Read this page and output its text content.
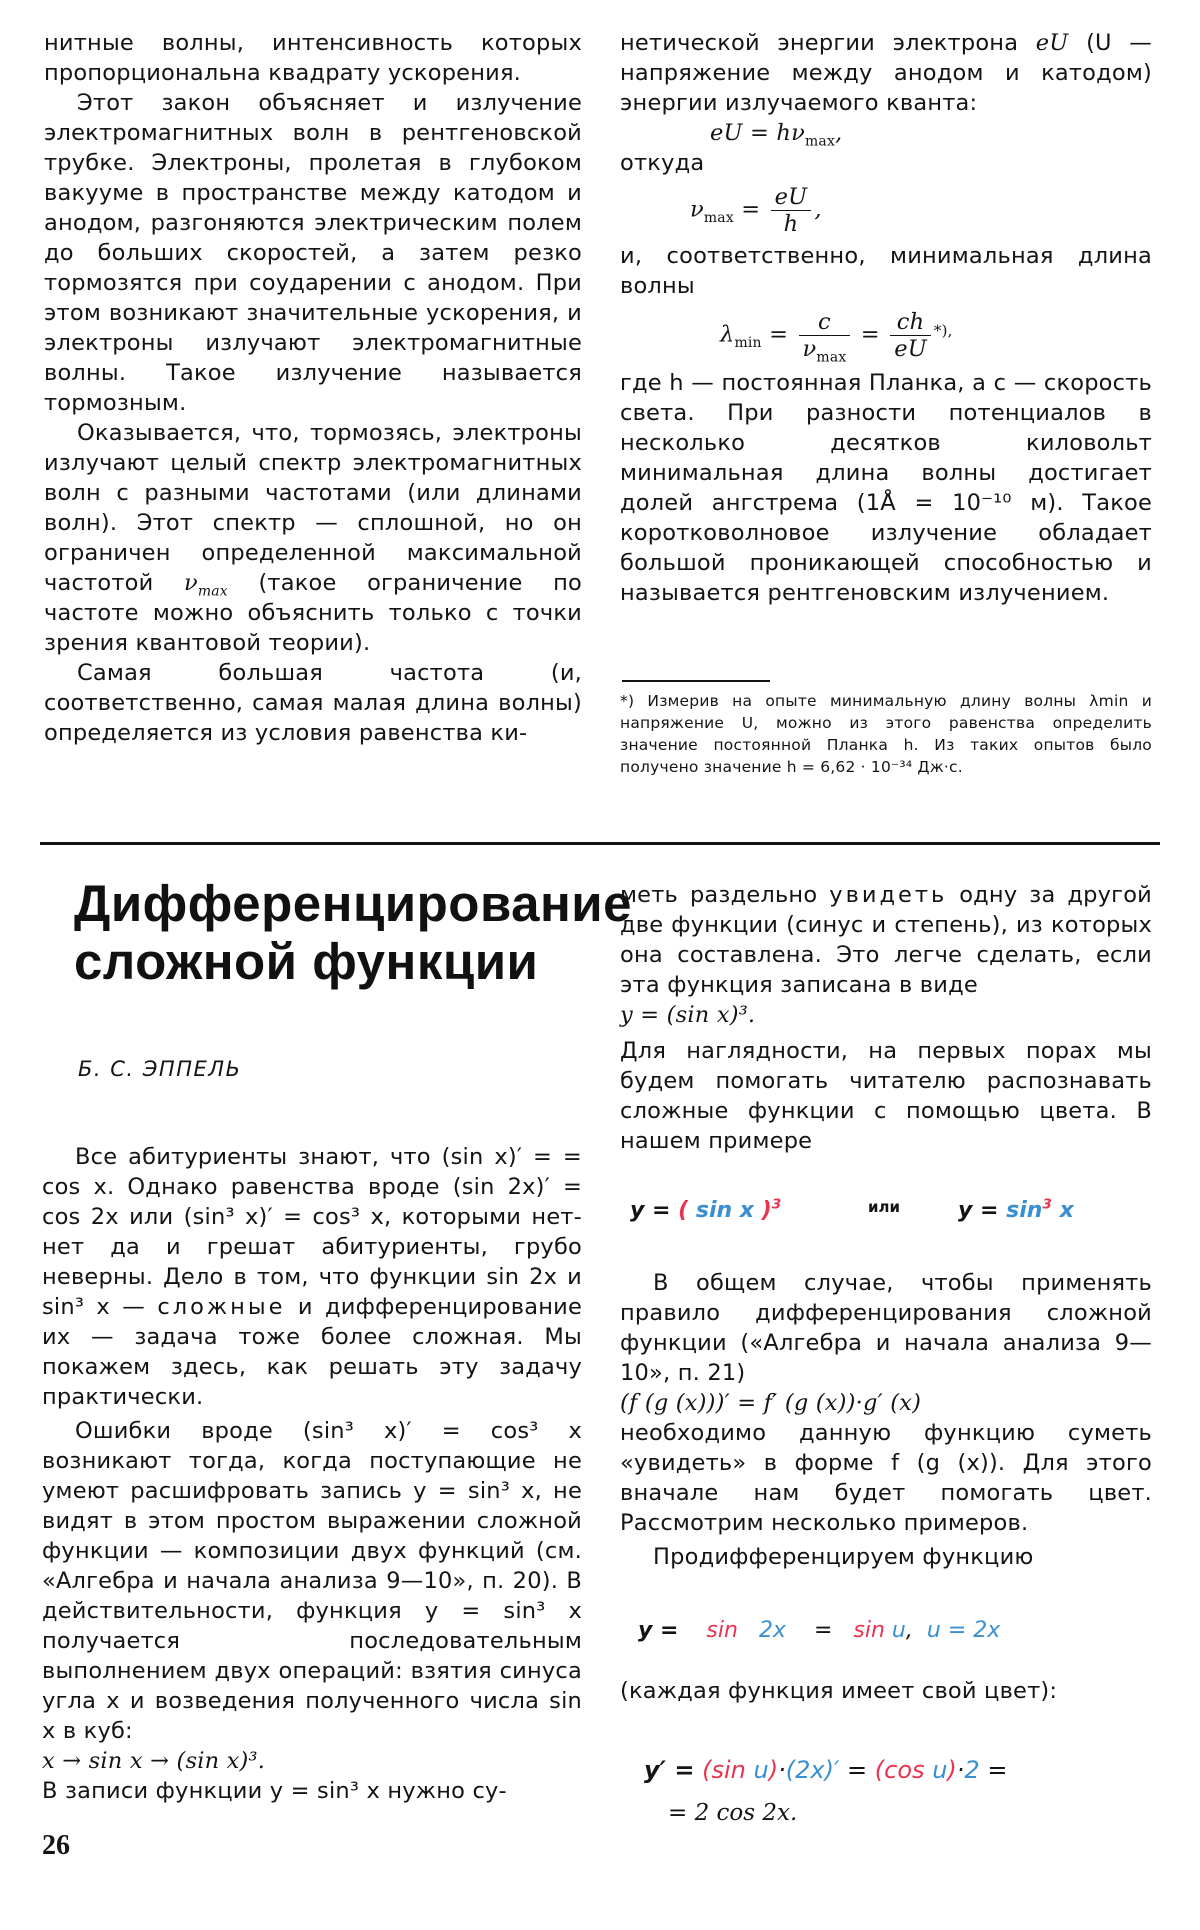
нитные волны, интенсивность которых пропорциональна квадрату ускорения.

Этот закон объясняет и излучение электромагнитных волн в рентгеновской трубке. Электроны, пролетая в глубоком вакууме в пространстве между катодом и анодом, разгоняются электрическим полем до больших скоростей, а затем резко тормозятся при соударении с анодом. При этом возникают значительные ускорения, и электроны излучают электромагнитные волны. Такое излучение называется тормозным.

Оказывается, что, тормозясь, электроны излучают целый спектр электромагнитных волн с разными частотами (или длинами волн). Этот спектр — сплошной, но он ограничен определенной максимальной частотой $\nu_{max}$ (такое ограничение по частоте можно объяснить только с точки зрения квантовой теории).

Самая большая частота (и, соответственно, самая малая длина волны) определяется из условия равенства ки-

нетической энергии электрона eU (U — напряжение между анодом и катодом) энергии излучаемого кванта:

eU = $h\nu_{max}$,

откуда

$\nu_{max} = \frac{eU}{h}$ ,

и, соответственно, минимальная длина волны

$\lambda_{min} = \frac{c}{\nu_{max}} = \frac{ch}{eU} ^{*),}$

где h — постоянная Планка, а c — скорость света. При разности потенциалов в несколько десятков киловольт минимальная длина волны достигает долей ангстрема (1Å = 10⁻¹⁰ м). Такое коротковолновое излучение обладает большой проникающей способностью и называется рентгеновским излучением.

*) Измерив на опыте минимальную длину волны λmin и напряжение U, можно из этого равенства определить значение постоянной Планка h. Из таких опытов было получено значение h = 6,62 · 10⁻³⁴ Дж·с.

Дифференцирование
сложной функции
Б. С. ЭППЕЛЬ

Все абитуриенты знают, что (sin x)′ = = cos x. Однако равенства вроде (sin 2x)′ = cos 2x или (sin³ x)′ = cos³ x, которыми нет-нет да и грешат абитуриенты, грубо неверны. Дело в том, что функции sin 2x и sin³ x — сложные и дифференцирование их — задача тоже более сложная. Мы покажем здесь, как решать эту задачу практически.

Ошибки вроде (sin³ x)′ = cos³ x возникают тогда, когда поступающие не умеют расшифровать запись y = sin³ x, не видят в этом простом выражении сложной функции — композиции двух функций (см. «Алгебра и начала анализа 9—10», п. 20). В действительности, функция y = sin³ x получается последовательным выполнением двух операций: взятия синуса угла x и возведения полученного числа sin x в куб:

x → sin x → (sin x)³.

В записи функции y = sin³ x нужно су-

меть раздельно увидеть одну за другой две функции (синус и степень), из которых она составлена. Это легче сделать, если эта функция записана в виде

y = (sin x)³.

Для наглядности, на первых порах мы будем помогать читателю распознавать сложные функции с помощью цвета. В нашем примере

y = ( sin x )$^3$	или	$y = \sin^3 x$

В общем случае, чтобы применять правило дифференцирования сложной функции («Алгебра и начала анализа 9—10», п. 21)

(f (g (x)))′ = f′ (g (x))·g′ (x)

необходимо данную функцию суметь «увидеть» в форме f (g (x)). Для этого вначале нам будет помогать цвет. Рассмотрим несколько примеров.

Продифференцируем функцию

y = sin 2x = sin u, u = 2x

(каждая функция имеет свой цвет):

y′ = (sin u)·(2x)′ = (cos u)·2 =
= 2 cos 2x.
26
